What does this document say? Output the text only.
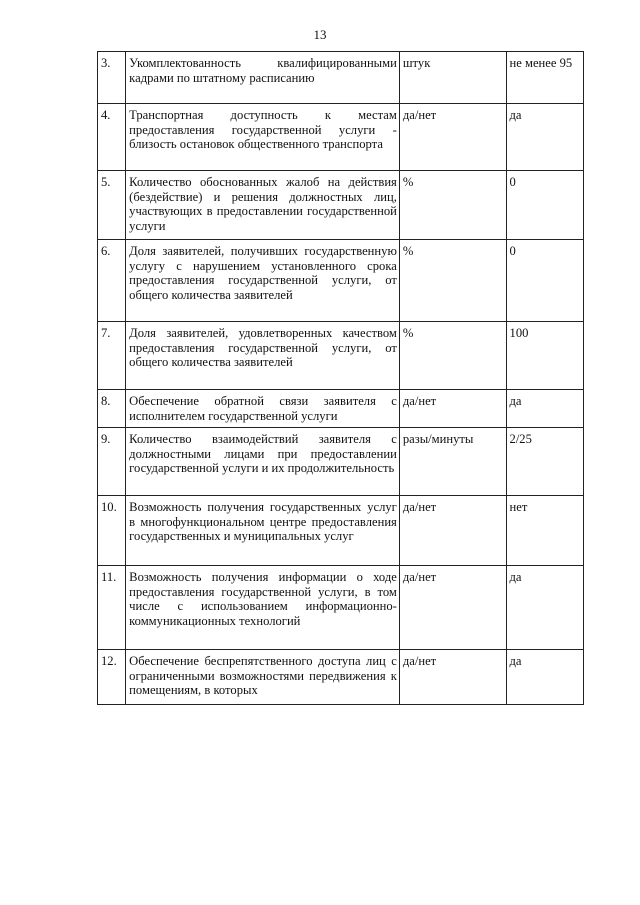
13
3.	Укомплектованность квалифицированными кадрами по штатному расписанию	штук	не менее 95
4.	Транспортная доступность к местам предоставления государственной услуги - близость остановок общественного транспорта	да/нет	да
5.	Количество обоснованных жалоб на действия (бездействие) и решения должностных лиц, участвующих в предоставлении государственной услуги	%	0
6.	Доля заявителей, получивших государственную услугу с нарушением установленного срока предоставления государственной услуги, от общего количества заявителей	%	0
7.	Доля заявителей, удовлетворенных качеством предоставления государственной услуги, от общего количества заявителей	%	100
8.	Обеспечение обратной связи заявителя с исполнителем государственной услуги	да/нет	да
9.	Количество взаимодействий заявителя с должностными лицами при предоставлении государственной услуги и их продолжительность	разы/минуты	2/25
10.	Возможность получения государственных услуг в многофункциональном центре предоставления государственных и муниципальных услуг	да/нет	нет
11.	Возможность получения информации о ходе предоставления государственной услуги, в том числе с использованием информационно-коммуникационных технологий	да/нет	да
12.	Обеспечение беспрепятственного доступа лиц с ограниченными возможностями передвижения к помещениям, в которых	да/нет	да
